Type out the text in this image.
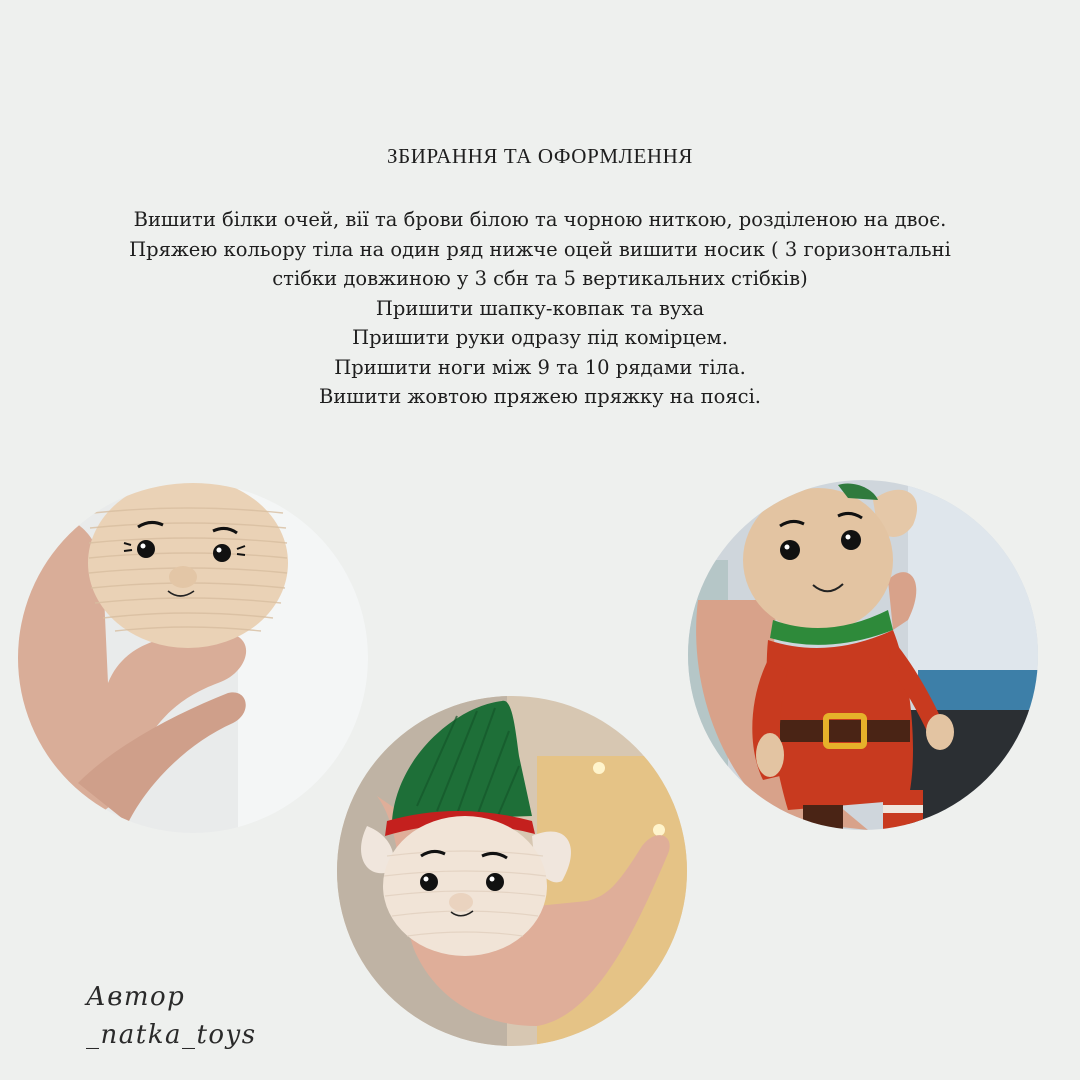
ЗБИРАННЯ ТА ОФОРМЛЕННЯ
Вишити білки очей, вії та брови білою та чорною ниткою, розділеною на двоє.
Пряжею кольору тіла на один ряд нижче оцей вишити носик ( 3 горизонтальні
стібки довжиною у 3 сбн та 5 вертикальних стібків)
Пришити шапку-ковпак та вуха
Пришити руки одразу під комірцем.
Пришити ноги між 9 та 10 рядами тіла.
Вишити жовтою пряжею пряжку на поясі.
Автор
_natka_toys
